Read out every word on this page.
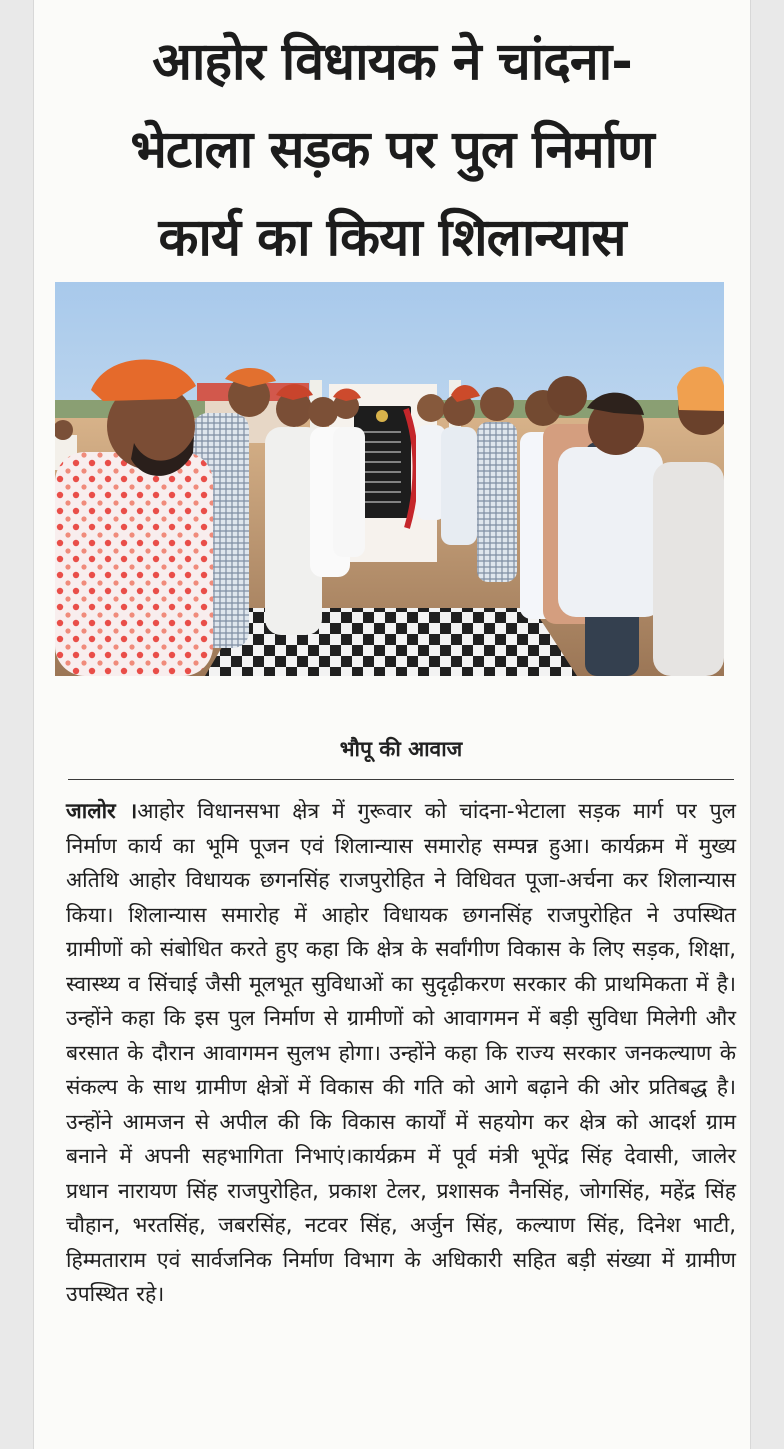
आहोर विधायक ने चांदना-
भेटाला सड़क पर पुल निर्माण
कार्य का किया शिलान्यास
भौपू की आवाज
जालोर ।आहोर विधानसभा क्षेत्र में गुरूवार को चांदना-भेटाला सड़क मार्ग पर पुल निर्माण कार्य का भूमि पूजन एवं शिलान्यास समारोह सम्पन्न हुआ। कार्यक्रम में मुख्य अतिथि आहोर विधायक छगनसिंह राजपुरोहित ने विधिवत पूजा-अर्चना कर शिलान्यास किया। शिलान्यास समारोह में आहोर विधायक छगनसिंह राजपुरोहित ने उपस्थित ग्रामीणों को संबोधित करते हुए कहा कि क्षेत्र के सर्वांगीण विकास के लिए सड़क, शिक्षा, स्वास्थ्य व सिंचाई जैसी मूलभूत सुविधाओं का सुदृढ़ीकरण सरकार की प्राथमिकता में है। उन्होंने कहा कि इस पुल निर्माण से ग्रामीणों को आवागमन में बड़ी सुविधा मिलेगी और बरसात के दौरान आवागमन सुलभ होगा। उन्होंने कहा कि राज्य सरकार जनकल्याण के संकल्प के साथ ग्रामीण क्षेत्रों में विकास की गति को आगे बढ़ाने की ओर प्रतिबद्ध है। उन्होंने आमजन से अपील की कि विकास कार्यों में सहयोग कर क्षेत्र को आदर्श ग्राम बनाने में अपनी सहभागिता निभाएं।कार्यक्रम में पूर्व मंत्री भूपेंद्र सिंह देवासी, जालेर प्रधान नारायण सिंह राजपुरोहित, प्रकाश टेलर, प्रशासक नैनसिंह, जोगसिंह, महेंद्र सिंह चौहान, भरतसिंह, जबरसिंह, नटवर सिंह, अर्जुन सिंह, कल्याण सिंह, दिनेश भाटी, हिम्मताराम एवं सार्वजनिक निर्माण विभाग के अधिकारी सहित बड़ी संख्या में ग्रामीण उपस्थित रहे।
